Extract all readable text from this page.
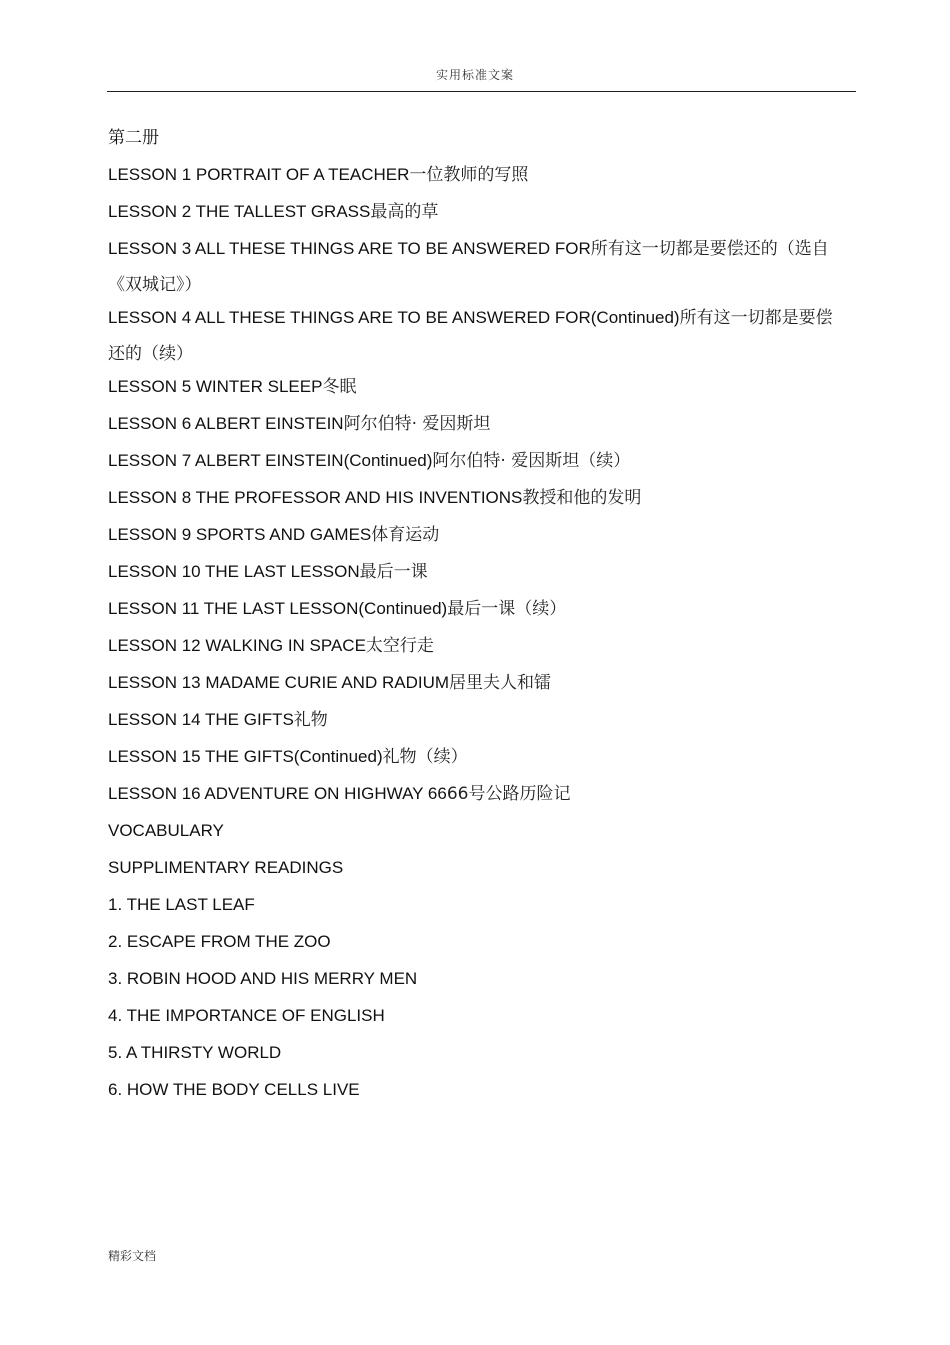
实用标准文案
第二册
LESSON 1 PORTRAIT OF A TEACHER一位教师的写照
LESSON 2 THE TALLEST GRASS最高的草
LESSON 3 ALL THESE THINGS ARE TO BE ANSWERED FOR所有这一切都是要偿还的（选自《双城记》）
LESSON 4 ALL THESE THINGS ARE TO BE ANSWERED FOR(Continued)所有这一切都是要偿还的（续）
LESSON 5 WINTER SLEEP冬眠
LESSON 6 ALBERT EINSTEIN阿尔伯特· 爱因斯坦
LESSON 7 ALBERT EINSTEIN(Continued)阿尔伯特· 爱因斯坦（续）
LESSON 8 THE PROFESSOR AND HIS INVENTIONS教授和他的发明
LESSON 9 SPORTS AND GAMES体育运动
LESSON 10 THE LAST LESSON最后一课
LESSON 11 THE LAST LESSON(Continued)最后一课（续）
LESSON 12 WALKING IN SPACE太空行走
LESSON 13 MADAME CURIE AND RADIUM居里夫人和镭
LESSON 14 THE GIFTS礼物
LESSON 15 THE GIFTS(Continued)礼物（续）
LESSON 16 ADVENTURE ON HIGHWAY 6666号公路历险记
VOCABULARY
SUPPLIMENTARY READINGS
1. THE LAST LEAF
2. ESCAPE FROM THE ZOO
3. ROBIN HOOD AND HIS MERRY MEN
4. THE IMPORTANCE OF ENGLISH
5. A THIRSTY WORLD
6. HOW THE BODY CELLS LIVE
精彩文档
